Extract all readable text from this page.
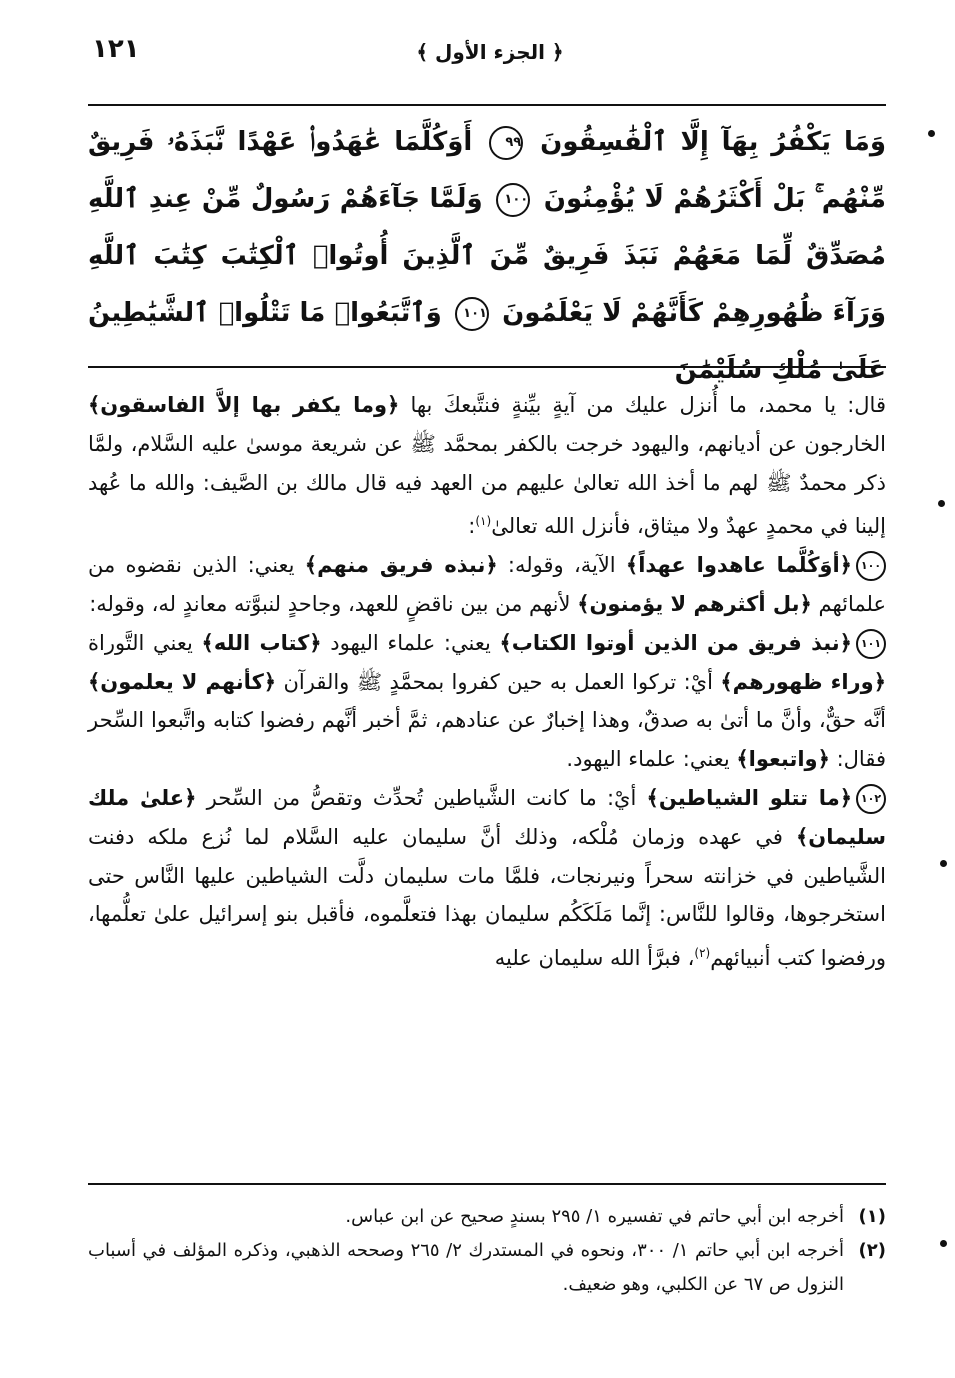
١٢١	﴿ الجزء الأول ﴾
وَمَا يَكْفُرُ بِهَآ إِلَّا ٱلْفَٰسِقُونَ ٩٩ أَوَكُلَّمَا عَٰهَدُوا۟ عَهْدًا نَّبَذَهُۥ فَرِيقٌ مِّنْهُم ۚ بَلْ أَكْثَرُهُمْ لَا يُؤْمِنُونَ ١٠٠ وَلَمَّا جَآءَهُمْ رَسُولٌ مِّنْ عِندِ ٱللَّهِ مُصَدِّقٌ لِّمَا مَعَهُمْ نَبَذَ فَرِيقٌ مِّنَ ٱلَّذِينَ أُوتُوا۟ ٱلْكِتَٰبَ كِتَٰبَ ٱللَّهِ وَرَآءَ ظُهُورِهِمْ كَأَنَّهُمْ لَا يَعْلَمُونَ ١٠١ وَٱتَّبَعُوا۟ مَا تَتْلُوا۟ ٱلشَّيَٰطِينُ عَلَىٰ مُلْكِ سُلَيْمَٰنَ

قال: يا محمد، ما أُنزل عليك من آيةٍ بيِّنةٍ فنتَّبعكَ بها ﴿وما يكفر بها إلاَّ الفاسقون﴾ الخارجون عن أديانهم، واليهود خرجت بالكفر بمحمَّد ﷺ عن شريعة موسىٰ عليه السَّلام، ولمَّا ذكر محمدٌ ﷺ لهم ما أخذ الله تعالىٰ عليهم من العهد فيه قال مالك بن الصَّيف: والله ما عُهد إلينا في محمدٍ عهدٌ ولا ميثاق، فأنزل الله تعالىٰ$^{(١)}$:

١٠٠﴿أوَكُلَّما عاهدوا عهداً﴾ الآية، وقوله: ﴿نبذه فريق منهم﴾ يعني: الذين نقضوه من علمائهم ﴿بل أكثرهم لا يؤمنون﴾ لأنهم من بين ناقضٍ للعهد، وجاحدٍ لنبوَّته معاندٍ له، وقوله:

١٠١﴿نبذ فريق من الذين أوتوا الكتاب﴾ يعني: علماء اليهود ﴿كتاب الله﴾ يعني التَّوراة ﴿وراء ظهورهم﴾ أيْ: تركوا العمل به حين كفروا بمحمَّدٍ ﷺ والقرآن ﴿كأنهم لا يعلمون﴾ أنَّه حقٌّ، وأنَّ ما أتىٰ به صدقٌ، وهذا إخبارٌ عن عنادهم، ثمَّ أخبر أنَّهم رفضوا كتابه واتَّبعوا السِّحر فقال: ﴿واتبعوا﴾ يعني: علماء اليهود.

١٠٢﴿ما تتلو الشياطين﴾ أيْ: ما كانت الشَّياطين تُحدِّث وتقصُّ من السِّحر ﴿علىٰ ملك سليمان﴾ في عهده وزمان مُلْكه، وذلك أنَّ سليمان عليه السَّلام لما نُزع ملكه دفنت الشَّياطين في خزانته سحراً ونيرنجات، فلمَّا مات سليمان دلَّت الشياطين عليها النَّاس حتى استخرجوها، وقالوا للنَّاس: إنَّما مَلَكَكُم سليمان بهذا فتعلَّموه، فأقبل بنو إسرائيل علىٰ تعلُّمها، ورفضوا كتب أنبيائهم$^{(٢)}$، فبرَّأ الله سليمان عليه

(١)
أخرجه ابن أبي حاتم في تفسيره ١/ ٢٩٥ بسندٍ صحيح عن ابن عباس.
(٢)
أخرجه ابن أبي حاتم ١/ ٣٠٠، ونحوه في المستدرك ٢/ ٢٦٥ وصححه الذهبي، وذكره المؤلف في أسباب النزول ص ٦٧ عن الكلبي، وهو ضعيف.
